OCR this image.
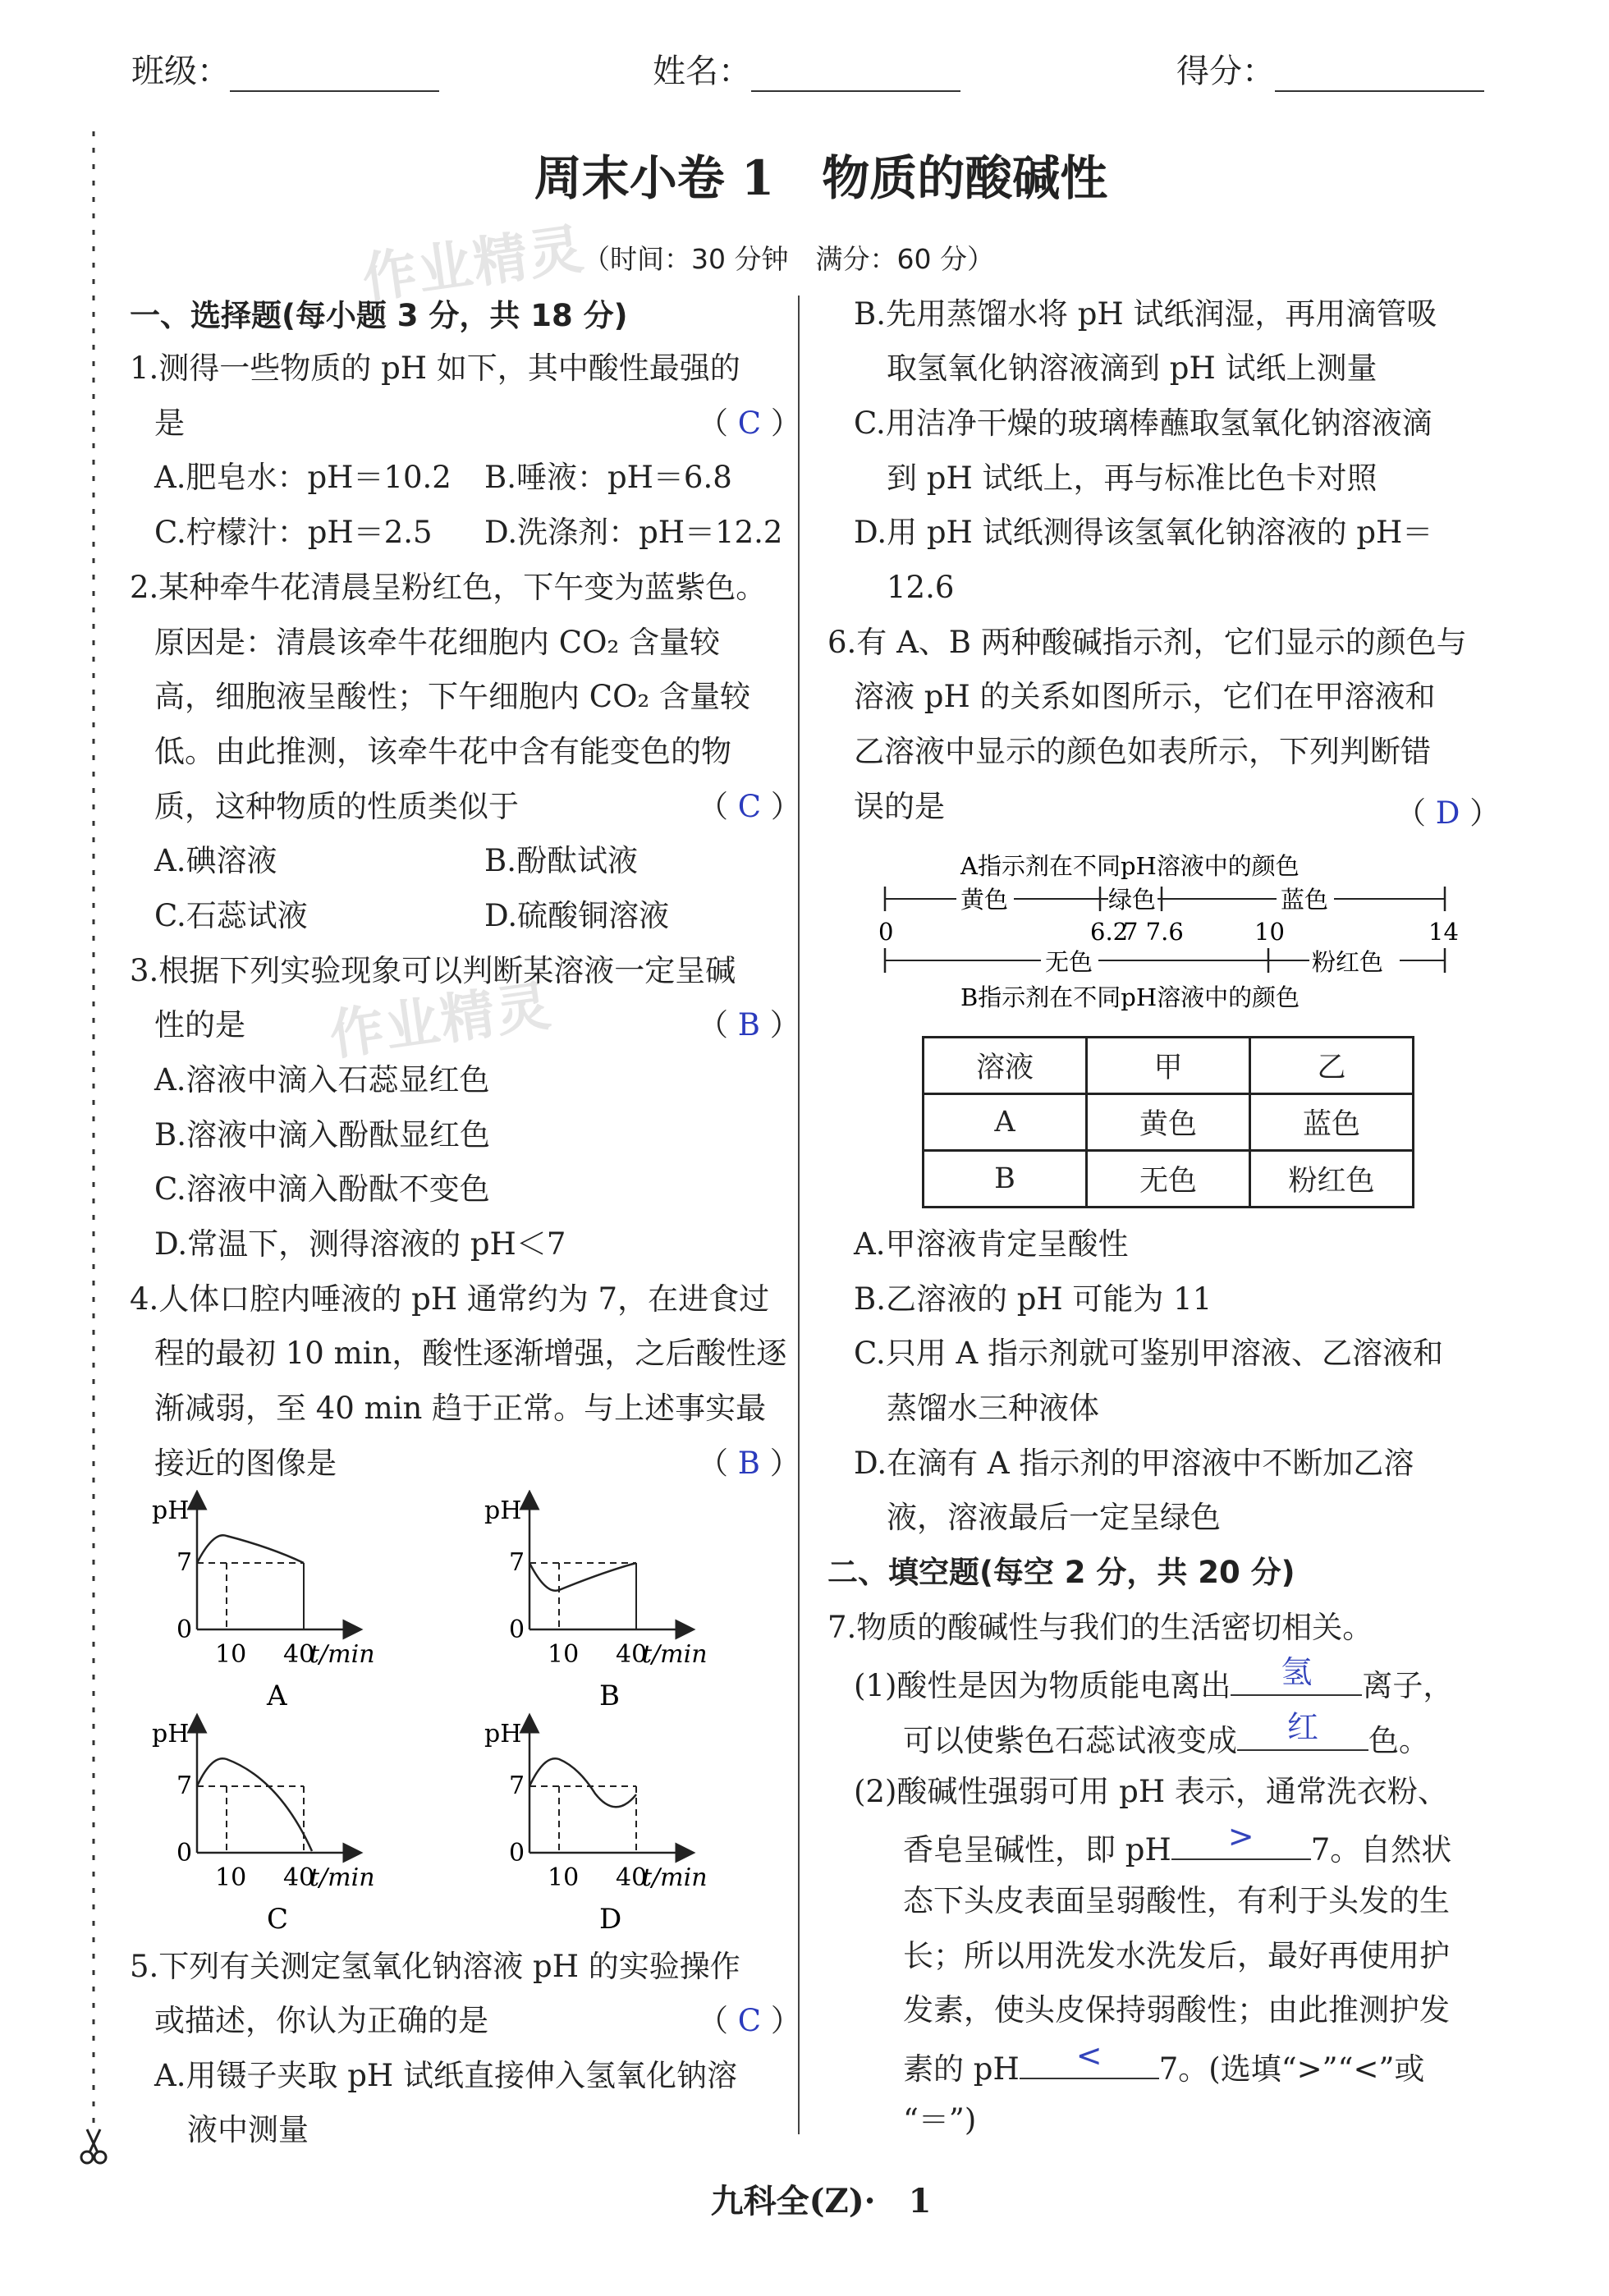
班级：	姓名：	得分：
周末小卷 1　物质的酸碱性
作业精灵
（时间：30 分钟　满分：60 分）
一、选择题(每小题 3 分，共 18 分)
1.测得一些物质的 pH 如下，其中酸性最强的
是	（ C ）
A.肥皂水：pH＝10.2 B.唾液：pH＝6.8
C.柠檬汁：pH＝2.5 D.洗涤剂：pH＝12.2
2.某种牵牛花清晨呈粉红色，下午变为蓝紫色。
原因是：清晨该牵牛花细胞内 CO₂ 含量较
高，细胞液呈酸性；下午细胞内 CO₂ 含量较
低。由此推测，该牵牛花中含有能变色的物
质，这种物质的性质类似于	（ C ）
A.碘溶液	B.酚酞试液
C.石蕊试液	D.硫酸铜溶液
作业精灵
3.根据下列实验现象可以判断某溶液一定呈碱
性的是	（ B ）
A.溶液中滴入石蕊显红色
B.溶液中滴入酚酞显红色
C.溶液中滴入酚酞不变色
D.常温下，测得溶液的 pH＜7
4.人体口腔内唾液的 pH 通常约为 7，在进食过
程的最初 10 min，酸性逐渐增强，之后酸性逐
渐减弱，至 40 min 趋于正常。与上述事实最
接近的图像是	（ B ）
pH
7
0
10 40
t/min
A
pH
7
0
10 40
t/min
B
pH
7
0
10 40
t/min
C
pH
7
0
10 40
t/min
D
5.下列有关测定氢氧化钠溶液 pH 的实验操作
或描述，你认为正确的是	（ C ）
A.用镊子夹取 pH 试纸直接伸入氢氧化钠溶
液中测量
B.先用蒸馏水将 pH 试纸润湿，再用滴管吸
取氢氧化钠溶液滴到 pH 试纸上测量
C.用洁净干燥的玻璃棒蘸取氢氧化钠溶液滴
到 pH 试纸上，再与标准比色卡对照
D.用 pH 试纸测得该氢氧化钠溶液的 pH＝
12.6
6.有 A、B 两种酸碱指示剂，它们显示的颜色与
溶液 pH 的关系如图所示，它们在甲溶液和
乙溶液中显示的颜色如表所示，下列判断错
误的是	（ D ）
A指示剂在不同pH溶液中的颜色
黄色	绿色	蓝色
0	6.2
7 7.6	10	14
无色	粉红色
B指示剂在不同pH溶液中的颜色
溶液	甲	乙
A	黄色	蓝色
B	无色	粉红色
A.甲溶液肯定呈酸性
B.乙溶液的 pH 可能为 11
C.只用 A 指示剂就可鉴别甲溶液、乙溶液和
蒸馏水三种液体
D.在滴有 A 指示剂的甲溶液中不断加乙溶
液，溶液最后一定呈绿色
二、填空题(每空 2 分，共 20 分)
7.物质的酸碱性与我们的生活密切相关。
(1)酸性是因为物质能电离出	氢	离子，
可以使紫色石蕊试液变成	红	色。
(2)酸碱性强弱可用 pH 表示，通常洗衣粉、
香皂呈碱性，即 pH	>	7。自然状
态下头皮表面呈弱酸性，有利于头发的生
长；所以用洗发水洗发后，最好再使用护
发素，使头皮保持弱酸性；由此推测护发
素的 pH	<	7。(选填“>”“<”或
“＝”)
九科全(Z)·　1
